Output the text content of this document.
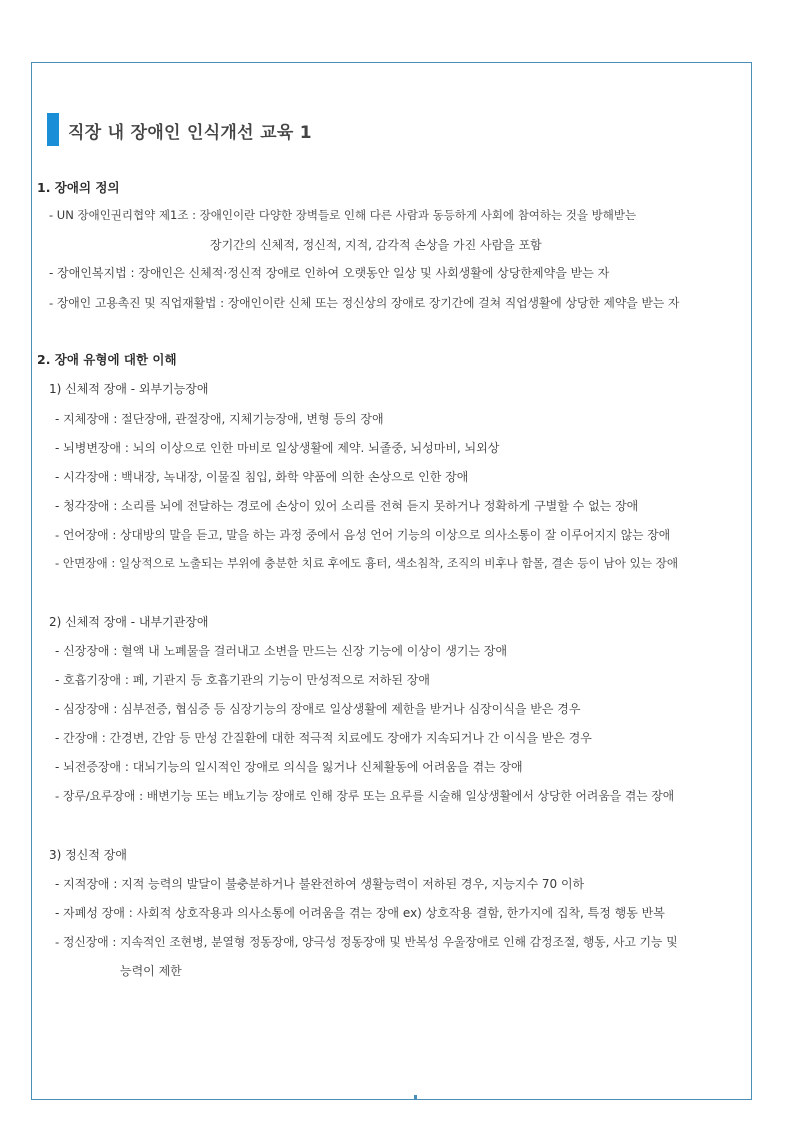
직장 내 장애인 인식개선 교육 1
1. 장애의 정의
- UN 장애인권리협약 제1조 : 장애인이란 다양한 장벽들로 인해 다른 사람과 동등하게 사회에 참여하는 것을 방해받는
장기간의 신체적, 정신적, 지적, 감각적 손상을 가진 사람을 포함
- 장애인복지법 : 장애인은 신체적·정신적 장애로 인하여 오랫동안 일상 및 사회생활에 상당한제약을 받는 자
- 장애인 고용촉진 및 직업재활법 : 장애인이란 신체 또는 정신상의 장애로 장기간에 걸쳐 직업생활에 상당한 제약을 받는 자
2. 장애 유형에 대한 이해
1) 신체적 장애 - 외부기능장애
- 지체장애 : 절단장애, 관절장애, 지체기능장애, 변형 등의 장애
- 뇌병변장애 : 뇌의 이상으로 인한 마비로 일상생활에 제약. 뇌졸중, 뇌성마비, 뇌외상
- 시각장애 : 백내장, 녹내장, 이물질 침입, 화학 약품에 의한 손상으로 인한 장애
- 청각장애 : 소리를 뇌에 전달하는 경로에 손상이 있어 소리를 전혀 듣지 못하거나 정확하게 구별할 수 없는 장애
- 언어장애 : 상대방의 말을 듣고, 말을 하는 과정 중에서 음성 언어 기능의 이상으로 의사소통이 잘 이루어지지 않는 장애
- 안면장애 : 일상적으로 노출되는 부위에 충분한 치료 후에도 흉터, 색소침착, 조직의 비후나 함몰, 결손 등이 남아 있는 장애
2) 신체적 장애 - 내부기관장애
- 신장장애 : 혈액 내 노폐물을 걸러내고 소변을 만드는 신장 기능에 이상이 생기는 장애
- 호흡기장애 : 폐, 기관지 등 호흡기관의 기능이 만성적으로 저하된 장애
- 심장장애 : 심부전증, 협심증 등 심장기능의 장애로 일상생활에 제한을 받거나 심장이식을 받은 경우
- 간장애 : 간경변, 간암 등 만성 간질환에 대한 적극적 치료에도 장애가 지속되거나 간 이식을 받은 경우
- 뇌전증장애 : 대뇌기능의 일시적인 장애로 의식을 잃거나 신체활동에 어려움을 겪는 장애
- 장루/요루장애 : 배변기능 또는 배뇨기능 장애로 인해 장루 또는 요루를 시술해 일상생활에서 상당한 어려움을 겪는 장애
3) 정신적 장애
- 지적장애 : 지적 능력의 발달이 불충분하거나 불완전하여 생활능력이 저하된 경우, 지능지수 70 이하
- 자폐성 장애 : 사회적 상호작용과 의사소통에 어려움을 겪는 장애 ex) 상호작용 결함, 한가지에 집착, 특정 행동 반복
- 정신장애 : 지속적인 조현병, 분열형 정동장애, 양극성 정동장애 및 반복성 우울장애로 인해 감정조절, 행동, 사고 기능 및
능력이 제한
